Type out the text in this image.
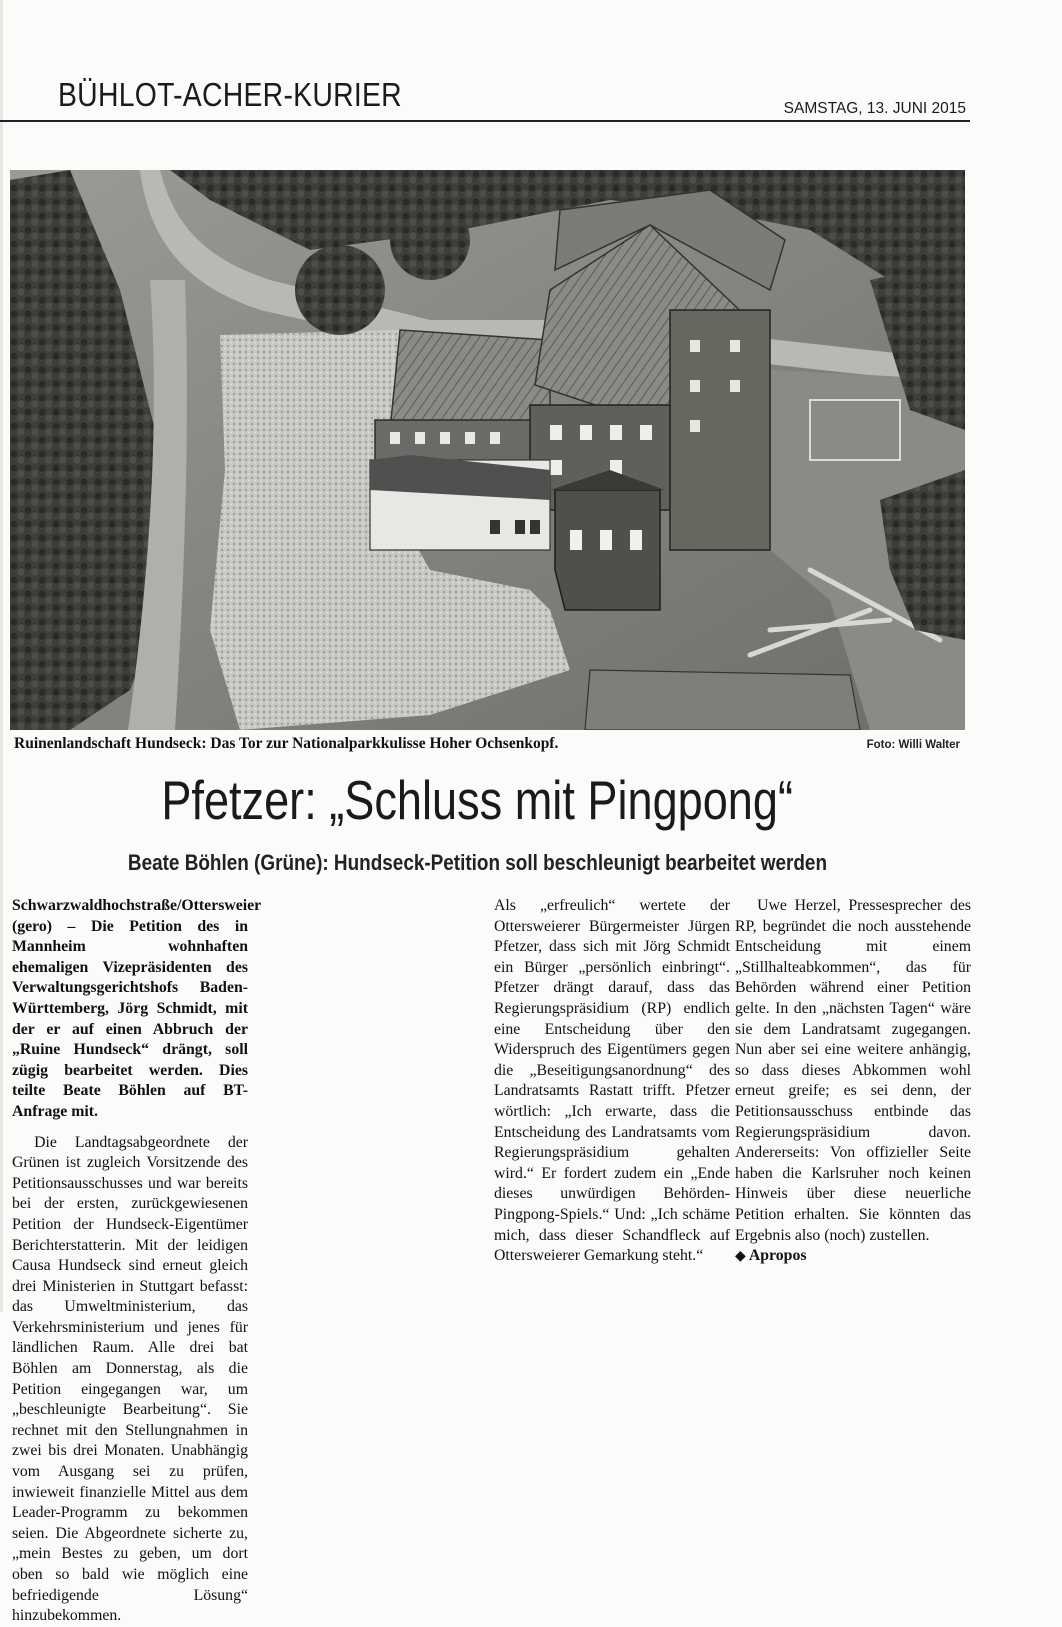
BÜHLOT-ACHER-KURIER	SAMSTAG, 13. JUNI 2015
Ruinenlandschaft Hundseck: Das Tor zur Nationalparkkulisse Hoher Ochsenkopf.	Foto: Willi Walter
Pfetzer: „Schluss mit Pingpong“
Beate Böhlen (Grüne): Hundseck-Petition soll beschleunigt bearbeitet werden

Schwarzwaldhochstraße/Ottersweier (gero) – Die Petition des in Mannheim wohnhaften ehemaligen Vizepräsidenten des Verwaltungsgerichtshofs Baden-Württemberg, Jörg Schmidt, mit der er auf einen Abbruch der „Ruine Hundseck“ drängt, soll zügig bearbeitet werden. Dies teilte Beate Böhlen auf BT-Anfrage mit.

Die Landtagsabgeordnete der Grünen ist zugleich Vorsitzende des Petitionsausschusses und war bereits bei der ersten, zurückgewiesenen Petition der Hundseck-Eigentümer Berichterstatterin. Mit der leidigen Causa Hundseck sind erneut gleich drei Ministerien in Stuttgart befasst: das Umweltministerium, das Verkehrsministerium und jenes für ländlichen Raum. Alle drei bat Böhlen am Donnerstag, als die Petition eingegangen war, um „beschleunigte Bearbeitung“. Sie rechnet mit den Stellungnahmen in zwei bis drei Monaten. Unabhängig vom Ausgang sei zu prüfen, inwieweit finanzielle Mittel aus dem Leader-Programm zu bekommen seien. Die Abgeordnete sicherte zu, „mein Bestes zu geben, um dort oben so bald wie möglich eine befriedigende Lösung“ hinzubekommen.

Als „erfreulich“ wertete der Ottersweierer Bürgermeister Jürgen Pfetzer, dass sich mit Jörg Schmidt ein Bürger „persönlich einbringt“. Pfetzer drängt darauf, dass das Regierungspräsidium (RP) endlich eine Entscheidung über den Widerspruch des Eigentümers gegen die „Beseitigungsanordnung“ des Landratsamts Rastatt trifft. Pfetzer wörtlich: „Ich erwarte, dass die Entscheidung des Landratsamts vom Regierungspräsidium gehalten wird.“ Er fordert zudem ein „Ende dieses unwürdigen Behörden-Pingpong-Spiels.“ Und: „Ich schäme mich, dass dieser Schandfleck auf Ottersweierer Gemarkung steht.“

Uwe Herzel, Pressesprecher des RP, begründet die noch ausstehende Entscheidung mit einem „Stillhalteabkommen“, das für Behörden während einer Petition gelte. In den „nächsten Tagen“ wäre sie dem Landratsamt zugegangen. Nun aber sei eine weitere anhängig, so dass dieses Abkommen wohl erneut greife; es sei denn, der Petitionsausschuss entbinde das Regierungspräsidium davon. Andererseits: Von offizieller Seite haben die Karlsruher noch keinen Hinweis über diese neuerliche Petition erhalten. Sie könnten das Ergebnis also (noch) zustellen.

◆ Apropos
